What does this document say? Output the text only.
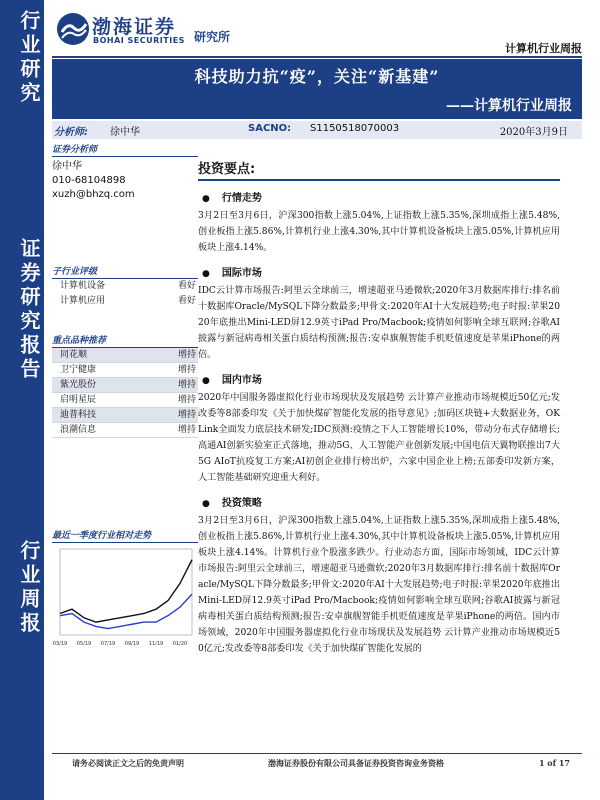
行业研究
证券研究报告
行业周报
渤海证券
BOHAI SECURITIES 研究所
计算机行业周报
科技助力抗“疫”，关注“新基建”
——计算机行业周报
分析师: 徐中华	SACNO: S1150518070003	2020年3月9日
证券分析师
徐中华
010-68104898
xuzh@bhzq.com
子行业评级
计算机设备	看好
计算机应用	看好
重点品种推荐
同花顺	增持
卫宁健康	增持
紫光股份	增持
启明星辰	增持
迪普科技	增持
浪潮信息	增持
最近一季度行业相对走势
03/19 05/19 07/19 09/19 11/19 01/20
投资要点:
● 行情走势
3月2日至3月6日，沪深300指数上涨5.04%,上证指数上涨5.35%,深圳成指上涨5.48%,创业板指上涨5.86%,计算机行业上涨4.30%,其中计算机设备板块上涨5.05%,计算机应用板块上涨4.14%。
● 国际市场
IDC云计算市场报告:阿里云全球前三，增速超亚马逊微软;2020年3月数据库排行:排名前十数据库Oracle/MySQL下降分数最多;甲骨文:2020年AI十大发展趋势;电子时报:苹果2020年底推出Mini-LED屏12.9英寸iPad Pro/Macbook;疫情如何影响全球互联网;谷歌AI披露与新冠病毒相关蛋白质结构预测;报告:安卓旗舰智能手机贬值速度是苹果iPhone的两倍。
● 国内市场
2020年中国服务器虚拟化行业市场现状及发展趋势 云计算产业推动市场规模近50亿元;发改委等8部委印发《关于加快煤矿智能化发展的指导意见》;加码区块链+大数据业务，OKLink全面发力底层技术研发;IDC预测:疫情之下人工智能增长10%，带动分布式存储增长;高通AI创新实验室正式落地，推动5G、人工智能产业创新发展;中国电信天翼物联推出7大5G AIoT抗疫复工方案;AI初创企业排行榜出炉，六家中国企业上榜;五部委印发新方案，人工智能基础研究迎重大利好。
● 投资策略
3月2日至3月6日，沪深300指数上涨5.04%,上证指数上涨5.35%,深圳成指上涨5.48%,创业板指上涨5.86%,计算机行业上涨4.30%,其中计算机设备板块上涨5.05%,计算机应用板块上涨4.14%。计算机行业个股涨多跌少。行业动态方面，国际市场领域，IDC云计算市场报告:阿里云全球前三，增速超亚马逊微软;2020年3月数据库排行:排名前十数据库Oracle/MySQL下降分数最多;甲骨文:2020年AI十大发展趋势;电子时报:苹果2020年底推出Mini-LED屏12.9英寸iPad Pro/Macbook;疫情如何影响全球互联网;谷歌AI披露与新冠病毒相关蛋白质结构预测;报告:安卓旗舰智能手机贬值速度是苹果iPhone的两倍。国内市场领域，2020年中国服务器虚拟化行业市场现状及发展趋势 云计算产业推动市场规模近50亿元;发改委等8部委印发《关于加快煤矿智能化发展的
请务必阅读正文之后的免责声明	渤海证券股份有限公司具备证券投资咨询业务资格	1 of 17
